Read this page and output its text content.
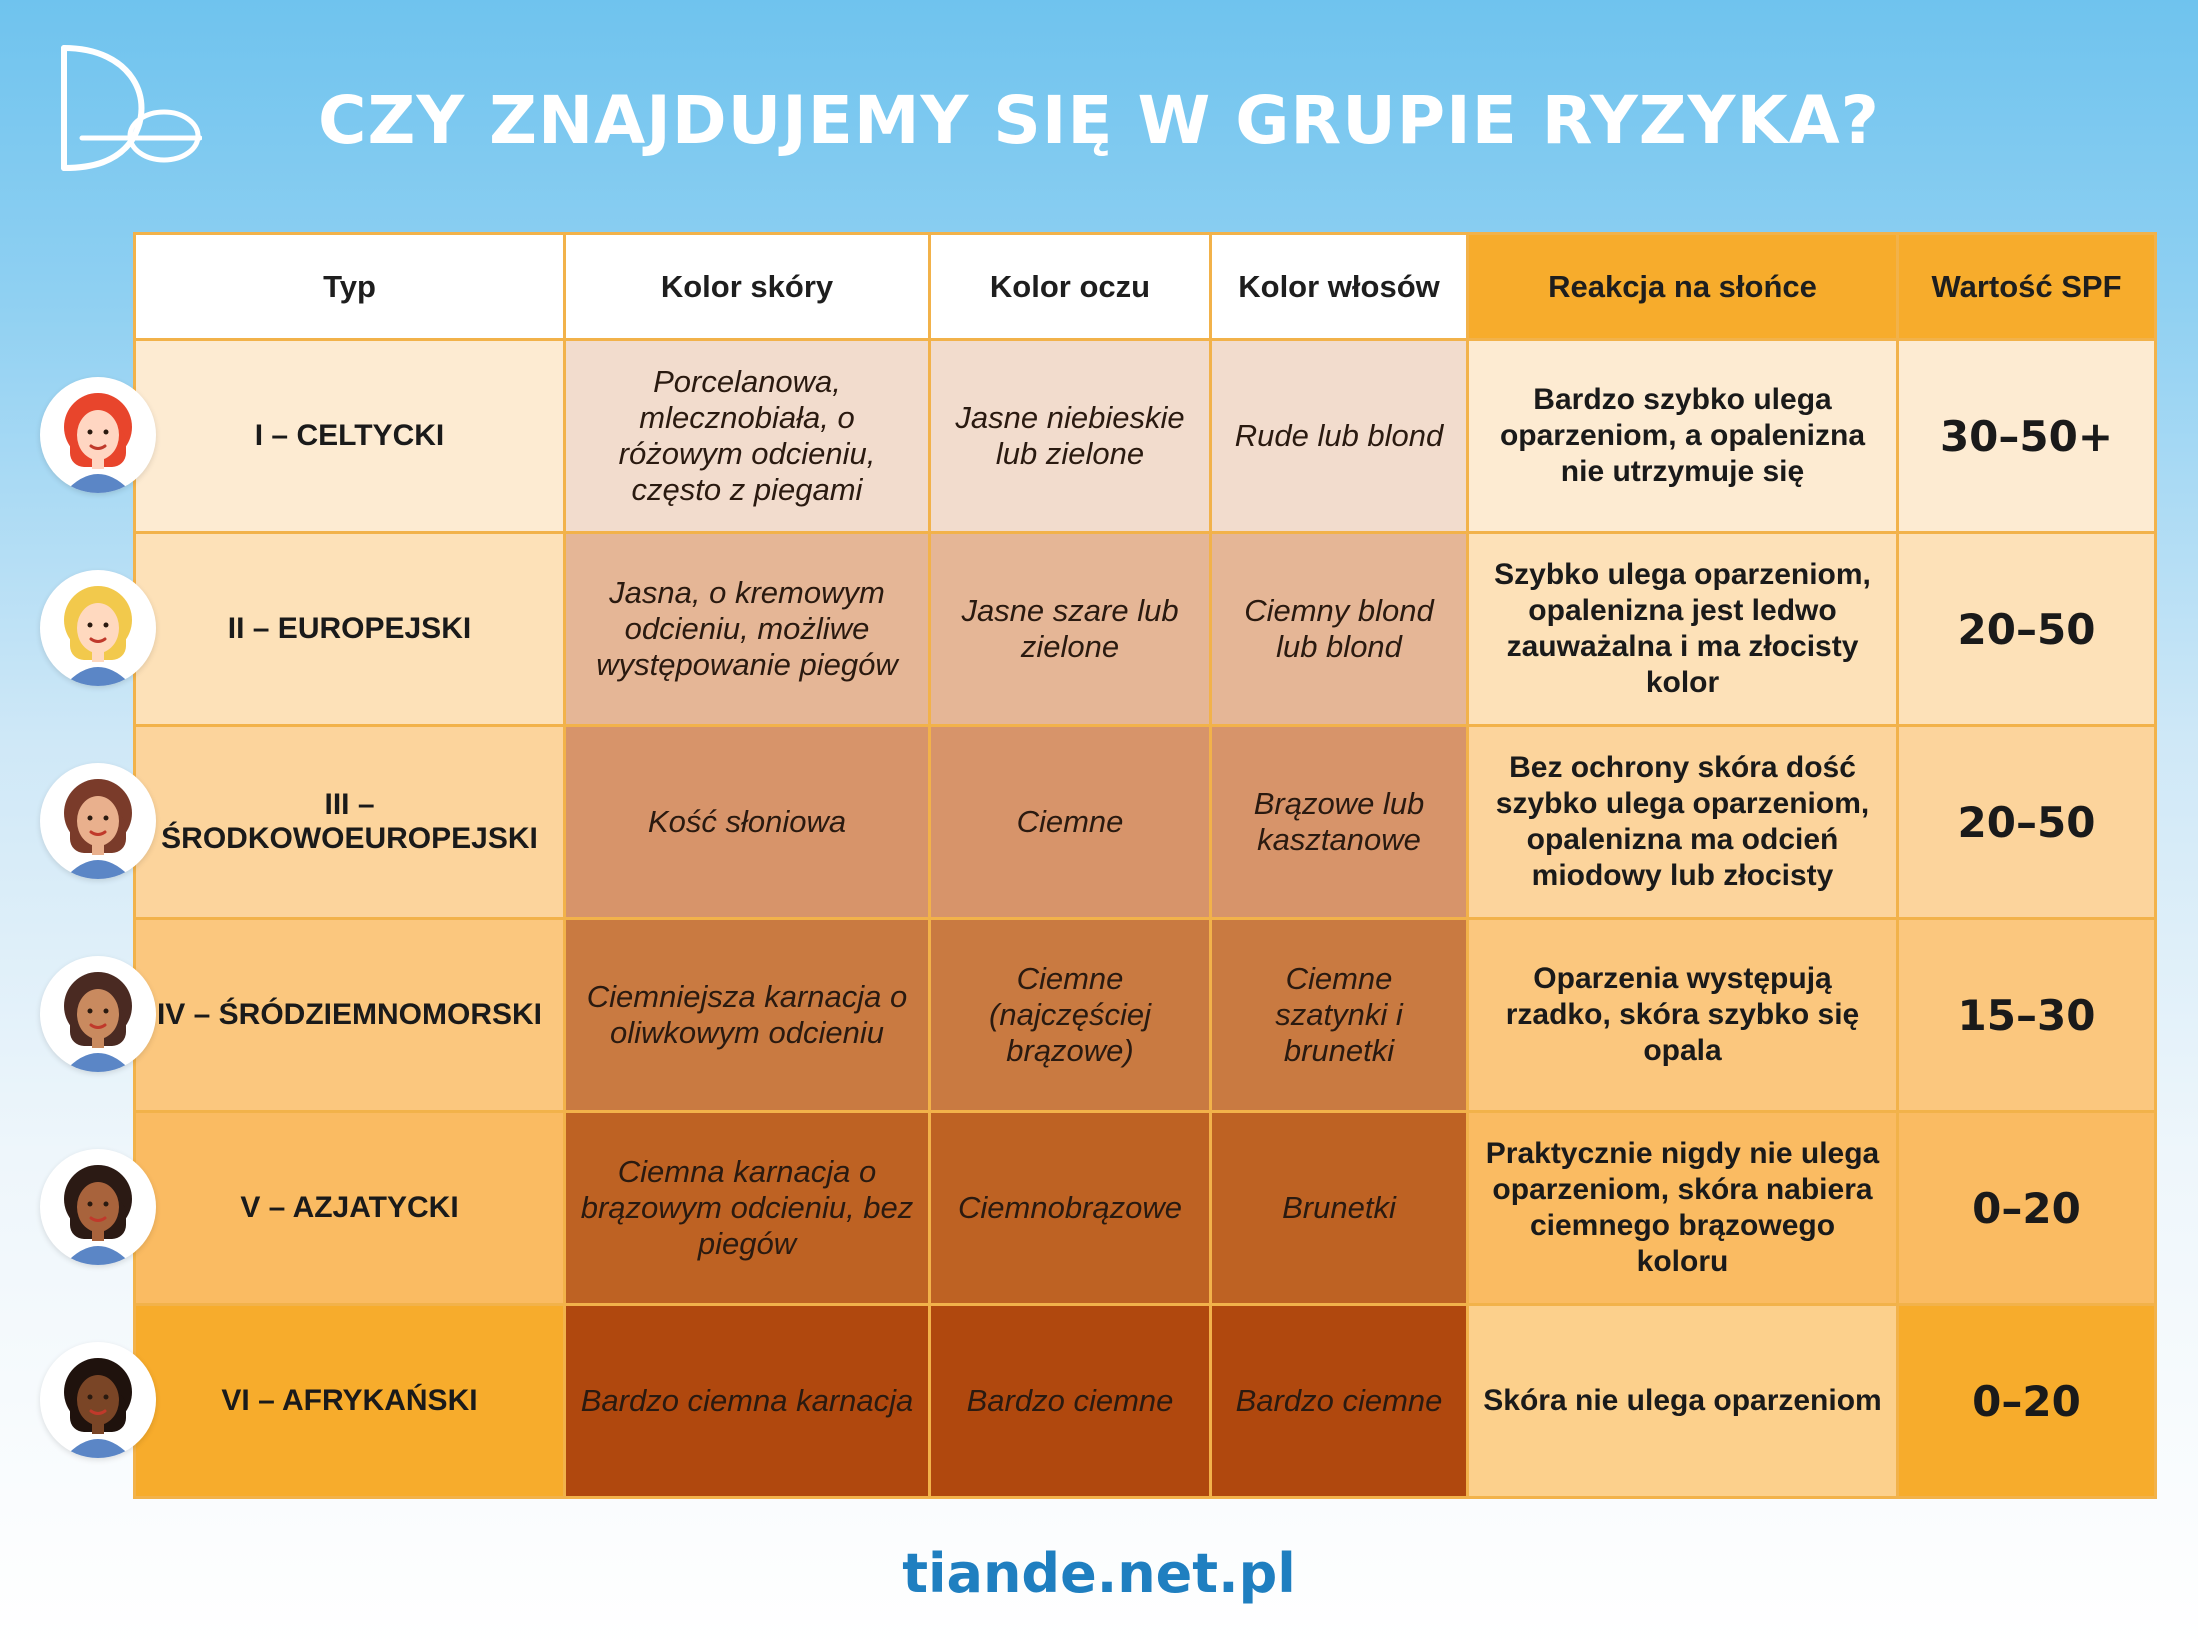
CZY ZNAJDUJEMY SIĘ W GRUPIE RYZYKA?
Typ	Kolor skóry	Kolor oczu	Kolor włosów	Reakcja na słońce	Wartość SPF
I – CELTYCKI	Porcelanowa, mlecznobiała, o różowym odcieniu, często z piegami	Jasne niebieskie lub zielone	Rude lub blond	Bardzo szybko ulega oparzeniom, a opalenizna nie utrzymuje się	30–50+
II – EUROPEJSKI	Jasna, o kremowym odcieniu, możliwe występowanie piegów	Jasne szare lub zielone	Ciemny blond lub blond	Szybko ulega oparzeniom, opalenizna jest ledwo zauważalna i ma złocisty kolor	20–50
III – ŚRODKOWOEUROPEJSKI	Kość słoniowa	Ciemne	Brązowe lub kasztanowe	Bez ochrony skóra dość szybko ulega oparzeniom, opalenizna ma odcień miodowy lub złocisty	20–50
IV – ŚRÓDZIEMNOMORSKI	Ciemniejsza karnacja o oliwkowym odcieniu	Ciemne (najczęściej brązowe)	Ciemne szatynki i brunetki	Oparzenia występują rzadko, skóra szybko się opala	15–30
V – AZJATYCKI	Ciemna karnacja o brązowym odcieniu, bez piegów	Ciemnobrązowe	Brunetki	Praktycznie nigdy nie ulega oparzeniom, skóra nabiera ciemnego brązowego koloru	0–20
VI – AFRYKAŃSKI	Bardzo ciemna karnacja	Bardzo ciemne	Bardzo ciemne	Skóra nie ulega oparzeniom	0–20
tiande.net.pl
